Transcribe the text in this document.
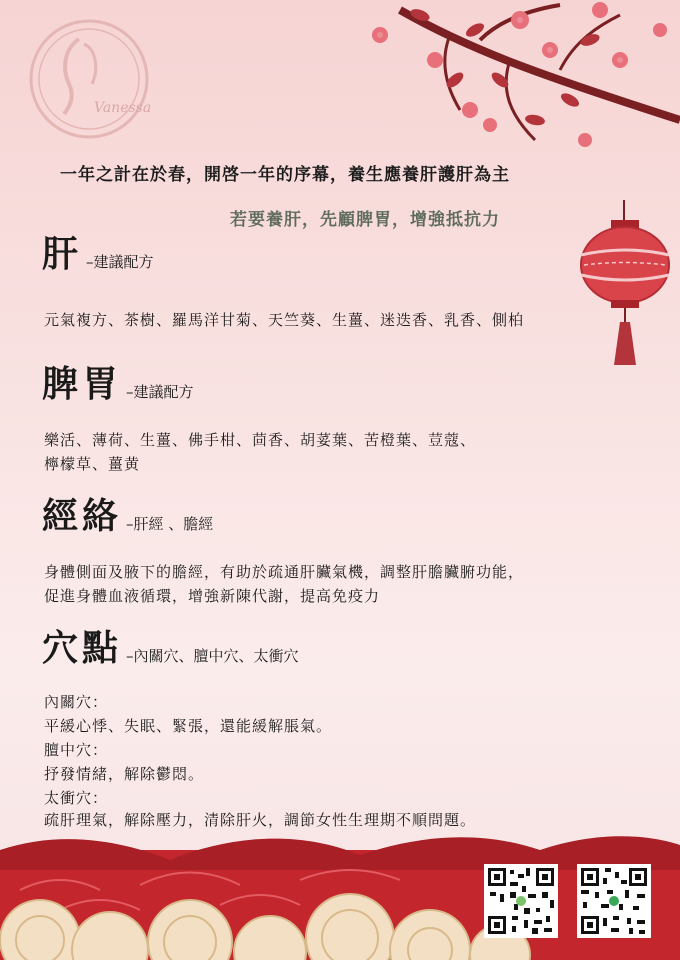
Vanessa
一年之計在於春，開啓一年的序幕，養生應養肝護肝為主
若要養肝，先顧脾胃，增強抵抗力
肝 –建議配方
元氣複方、茶樹、羅馬洋甘菊、天竺葵、生薑、迷迭香、乳香、側柏
脾胃 –建議配方
樂活、薄荷、生薑、佛手柑、茴香、胡荽葉、苦橙葉、荳蔻、
檸檬草、薑黄
經絡 –肝經 、膽經
身體側面及腋下的膽經，有助於疏通肝臟氣機，調整肝膽臟腑功能，
促進身體血液循環，增強新陳代謝，提高免疫力
穴點 –內關穴、膻中穴、太衝穴
內關穴：
平緩心悸、失眠、緊張，還能緩解脹氣。
膻中穴：
抒發情緒，解除鬱悶。
太衝穴：
疏肝理氣，解除壓力，清除肝火，調節女性生理期不順問題。
